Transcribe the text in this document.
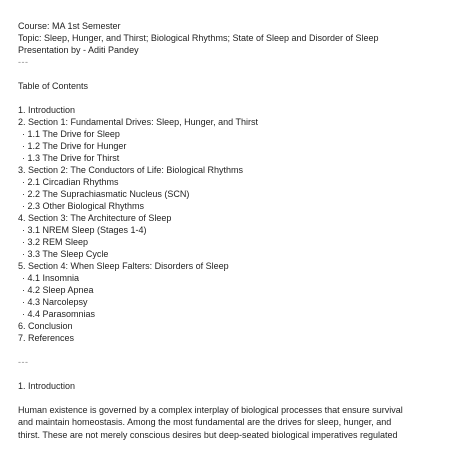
Course: MA 1st Semester
Topic: Sleep, Hunger, and Thirst; Biological Rhythms; State of Sleep and Disorder of Sleep
Presentation by - Aditi Pandey
---
Table of Contents
1. Introduction
2. Section 1: Fundamental Drives: Sleep, Hunger, and Thirst
· 1.1 The Drive for Sleep
· 1.2 The Drive for Hunger
· 1.3 The Drive for Thirst
3. Section 2: The Conductors of Life: Biological Rhythms
· 2.1 Circadian Rhythms
· 2.2 The Suprachiasmatic Nucleus (SCN)
· 2.3 Other Biological Rhythms
4. Section 3: The Architecture of Sleep
· 3.1 NREM Sleep (Stages 1-4)
· 3.2 REM Sleep
· 3.3 The Sleep Cycle
5. Section 4: When Sleep Falters: Disorders of Sleep
· 4.1 Insomnia
· 4.2 Sleep Apnea
· 4.3 Narcolepsy
· 4.4 Parasomnias
6. Conclusion
7. References
---
1. Introduction
Human existence is governed by a complex interplay of biological processes that ensure survival
and maintain homeostasis. Among the most fundamental are the drives for sleep, hunger, and
thirst. These are not merely conscious desires but deep-seated biological imperatives regulated
